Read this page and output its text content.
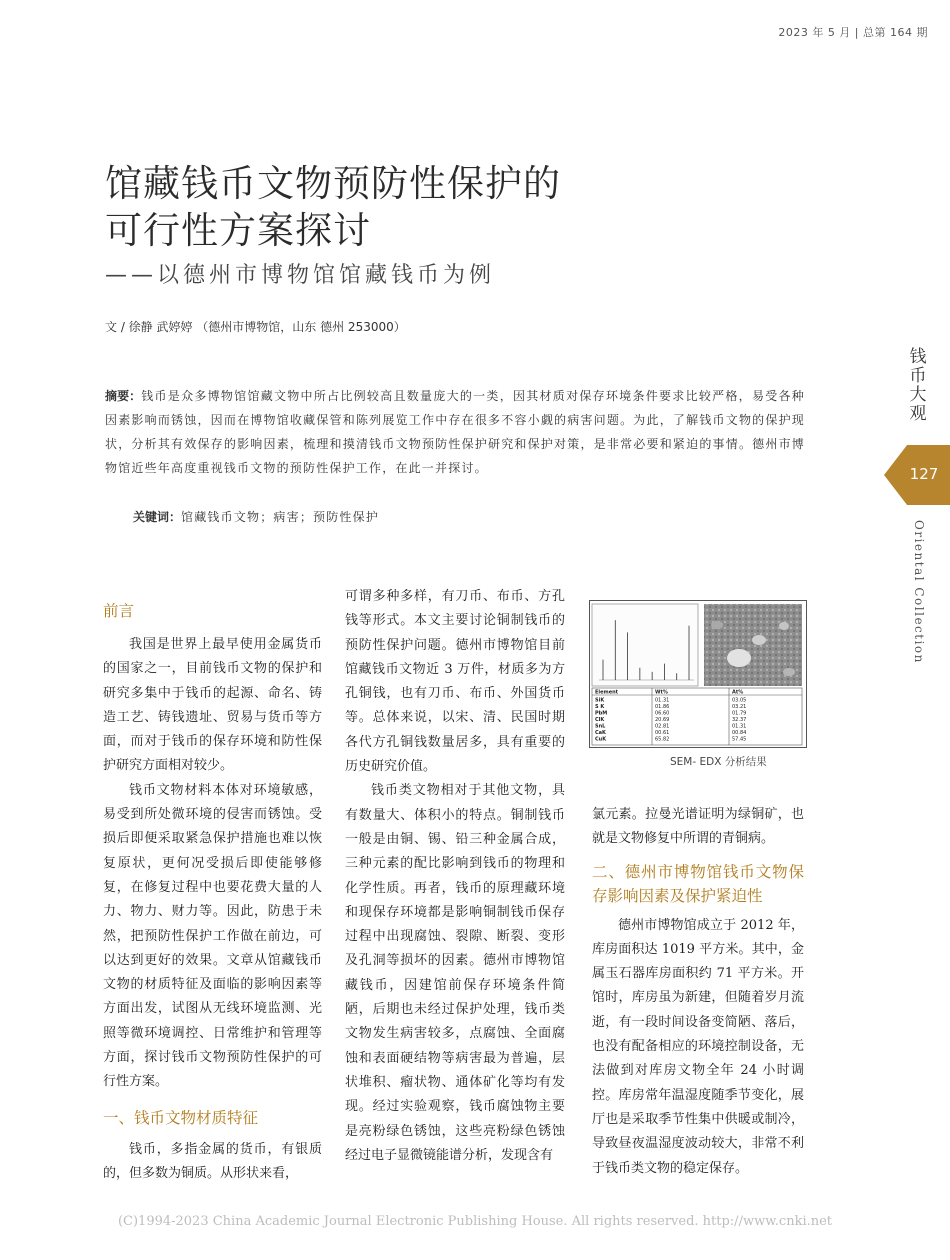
2023 年 5 月 | 总第 164 期
馆藏钱币文物预防性保护的
可行性方案探讨
——以德州市博物馆馆藏钱币为例
文 / 徐静 武婷婷 （德州市博物馆，山东 德州 253000）
摘要：钱币是众多博物馆馆藏文物中所占比例较高且数量庞大的一类，因其材质对保存环境条件要求比较严格，易受各种因素影响而锈蚀，因而在博物馆收藏保管和陈列展览工作中存在很多不容小觑的病害问题。为此，了解钱币文物的保护现状，分析其有效保存的影响因素，梳理和摸清钱币文物预防性保护研究和保护对策，是非常必要和紧迫的事情。德州市博物馆近些年高度重视钱币文物的预防性保护工作，在此一并探讨。
关键词：馆藏钱币文物；病害；预防性保护
前言

我国是世界上最早使用金属货币的国家之一，目前钱币文物的保护和研究多集中于钱币的起源、命名、铸造工艺、铸钱遗址、贸易与货币等方面，而对于钱币的保存环境和防性保护研究方面相对较少。

钱币文物材料本体对环境敏感，易受到所处微环境的侵害而锈蚀。受损后即便采取紧急保护措施也难以恢复原状，更何况受损后即使能够修复，在修复过程中也要花费大量的人力、物力、财力等。因此，防患于未然，把预防性保护工作做在前边，可以达到更好的效果。文章从馆藏钱币文物的材质特征及面临的影响因素等方面出发，试图从无线环境监测、光照等微环境调控、日常维护和管理等方面，探讨钱币文物预防性保护的可行性方案。

一、钱币文物材质特征

钱币，多指金属的货币，有银质的，但多数为铜质。从形状来看，

可谓多种多样，有刀币、布币、方孔钱等形式。本文主要讨论铜制钱币的预防性保护问题。德州市博物馆目前馆藏钱币文物近 3 万件，材质多为方孔铜钱，也有刀币、布币、外国货币等。总体来说，以宋、清、民国时期各代方孔铜钱数量居多，具有重要的历史研究价值。

钱币类文物相对于其他文物，具有数量大、体积小的特点。铜制钱币一般是由铜、锡、铅三种金属合成，三种元素的配比影响到钱币的物理和化学性质。再者，钱币的原理藏环境和现保存环境都是影响铜制钱币保存过程中出现腐蚀、裂隙、断裂、变形及孔洞等损坏的因素。德州市博物馆藏钱币，因建馆前保存环境条件简陋，后期也未经过保护处理，钱币类文物发生病害较多，点腐蚀、全面腐蚀和表面硬结物等病害最为普遍，层状堆积、瘤状物、通体矿化等均有发现。经过实验观察，钱币腐蚀物主要是亮粉绿色锈蚀，这些亮粉绿色锈蚀经过电子显微镜能谱分析，发现含有

Element	Wt%	At%
SiK	01.31	03.05
S K	01.86	03.21
PbM	06.60	01.79
ClK	20.69	32.37
SnL	02.81	01.31
CaK	00.61	00.84
CuK	65.82	57.45
SEM- EDX 分析结果

氯元素。拉曼光谱证明为绿铜矿，也就是文物修复中所谓的青铜病。

二、德州市博物馆钱币文物保存影响因素及保护紧迫性

德州市博物馆成立于 2012 年，库房面积达 1019 平方米。其中，金属玉石器库房面积约 71 平方米。开馆时，库房虽为新建，但随着岁月流逝，有一段时间设备变简陋、落后，也没有配备相应的环境控制设备，无法做到对库房文物全年 24 小时调控。库房常年温湿度随季节变化，展厅也是采取季节性集中供暖或制冷，导致昼夜温湿度波动较大，非常不利于钱币类文物的稳定保存。

钱币大观
127
Oriental Collection
(C)1994-2023 China Academic Journal Electronic Publishing House. All rights reserved. http://www.cnki.net
